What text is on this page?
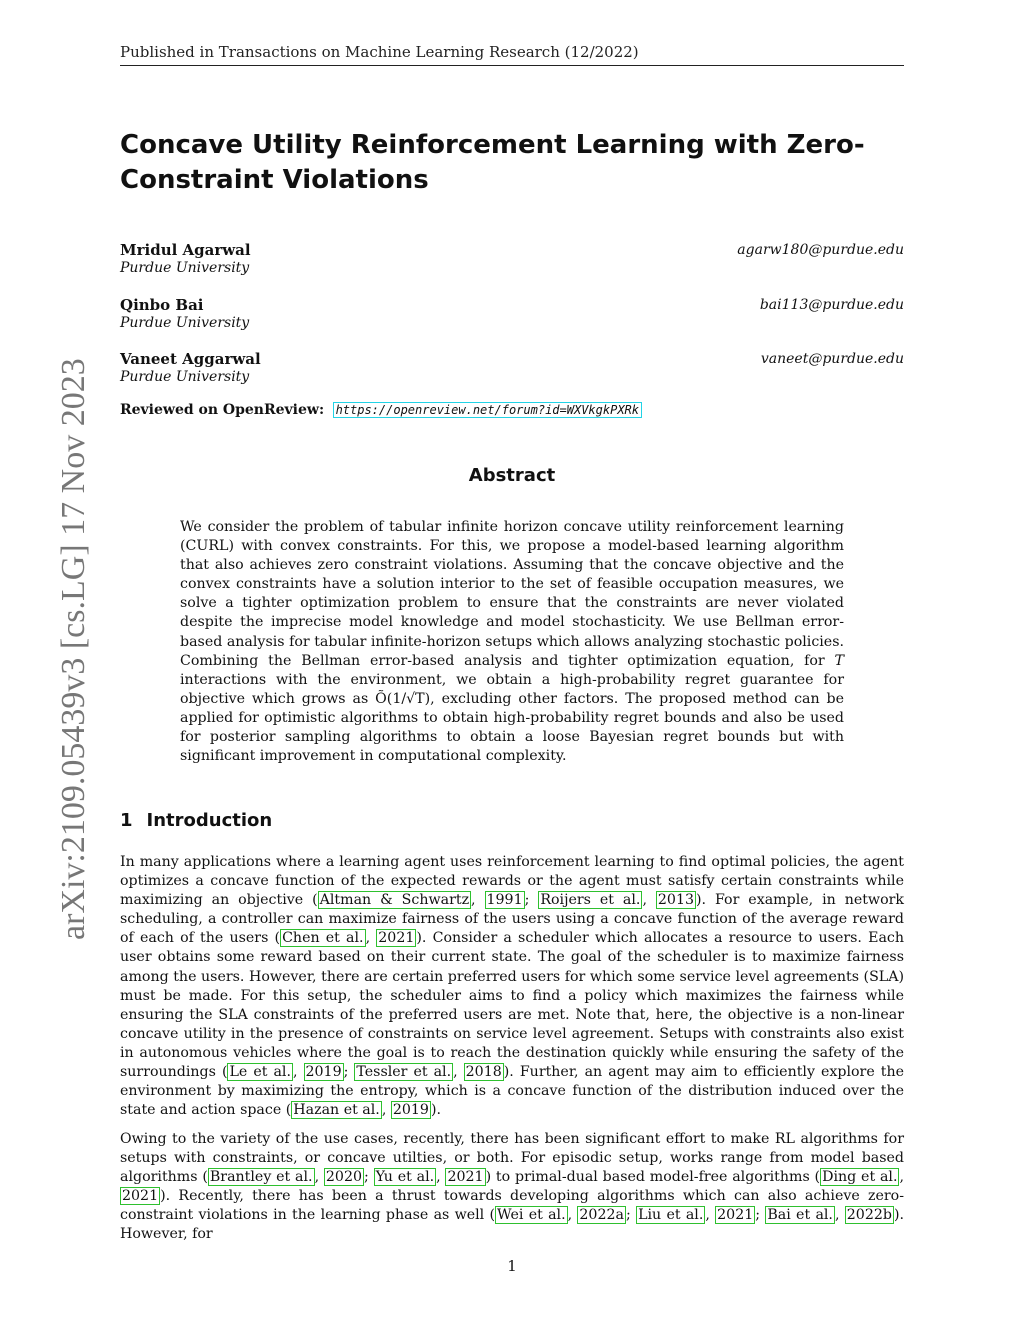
Published in Transactions on Machine Learning Research (12/2022)
arXiv:2109.05439v3 [cs.LG] 17 Nov 2023
Concave Utility Reinforcement Learning with Zero-Constraint Violations
Mridul Agarwal
Purdue University
agarw180@purdue.edu
Qinbo Bai
Purdue University
bai113@purdue.edu
Vaneet Aggarwal
Purdue University
vaneet@purdue.edu
Reviewed on OpenReview: https://openreview.net/forum?id=WXVkgkPXRk
Abstract

We consider the problem of tabular infinite horizon concave utility reinforcement learning (CURL) with convex constraints. For this, we propose a model-based learning algorithm that also achieves zero constraint violations. Assuming that the concave objective and the convex constraints have a solution interior to the set of feasible occupation measures, we solve a tighter optimization problem to ensure that the constraints are never violated despite the imprecise model knowledge and model stochasticity. We use Bellman error-based analysis for tabular infinite-horizon setups which allows analyzing stochastic policies. Combining the Bellman error-based analysis and tighter optimization equation, for T interactions with the environment, we obtain a high-probability regret guarantee for objective which grows as Õ(1/√T), excluding other factors. The proposed method can be applied for optimistic algorithms to obtain high-probability regret bounds and also be used for posterior sampling algorithms to obtain a loose Bayesian regret bounds but with significant improvement in computational complexity.

1 Introduction

In many applications where a learning agent uses reinforcement learning to find optimal policies, the agent optimizes a concave function of the expected rewards or the agent must satisfy certain constraints while maximizing an objective ( Altman & Schwartz , 1991 ; Roijers et al. , 2013 ). For example, in network scheduling, a controller can maximize fairness of the users using a concave function of the average reward of each of the users ( Chen et al. , 2021 ). Consider a scheduler which allocates a resource to users. Each user obtains some reward based on their current state. The goal of the scheduler is to maximize fairness among the users. However, there are certain preferred users for which some service level agreements (SLA) must be made. For this setup, the scheduler aims to find a policy which maximizes the fairness while ensuring the SLA constraints of the preferred users are met. Note that, here, the objective is a non-linear concave utility in the presence of constraints on service level agreement. Setups with constraints also exist in autonomous vehicles where the goal is to reach the destination quickly while ensuring the safety of the surroundings ( Le et al. , 2019 ; Tessler et al. , 2018 ). Further, an agent may aim to efficiently explore the environment by maximizing the entropy, which is a concave function of the distribution induced over the state and action space ( Hazan et al. , 2019 ).

Owing to the variety of the use cases, recently, there has been significant effort to make RL algorithms for setups with constraints, or concave utilties, or both. For episodic setup, works range from model based algorithms ( Brantley et al. , 2020 ; Yu et al. , 2021 ) to primal-dual based model-free algorithms ( Ding et al. , 2021 ). Recently, there has been a thrust towards developing algorithms which can also achieve zero-constraint violations in the learning phase as well ( Wei et al. , 2022a ; Liu et al. , 2021 ; Bai et al. , 2022b ). However, for

1
